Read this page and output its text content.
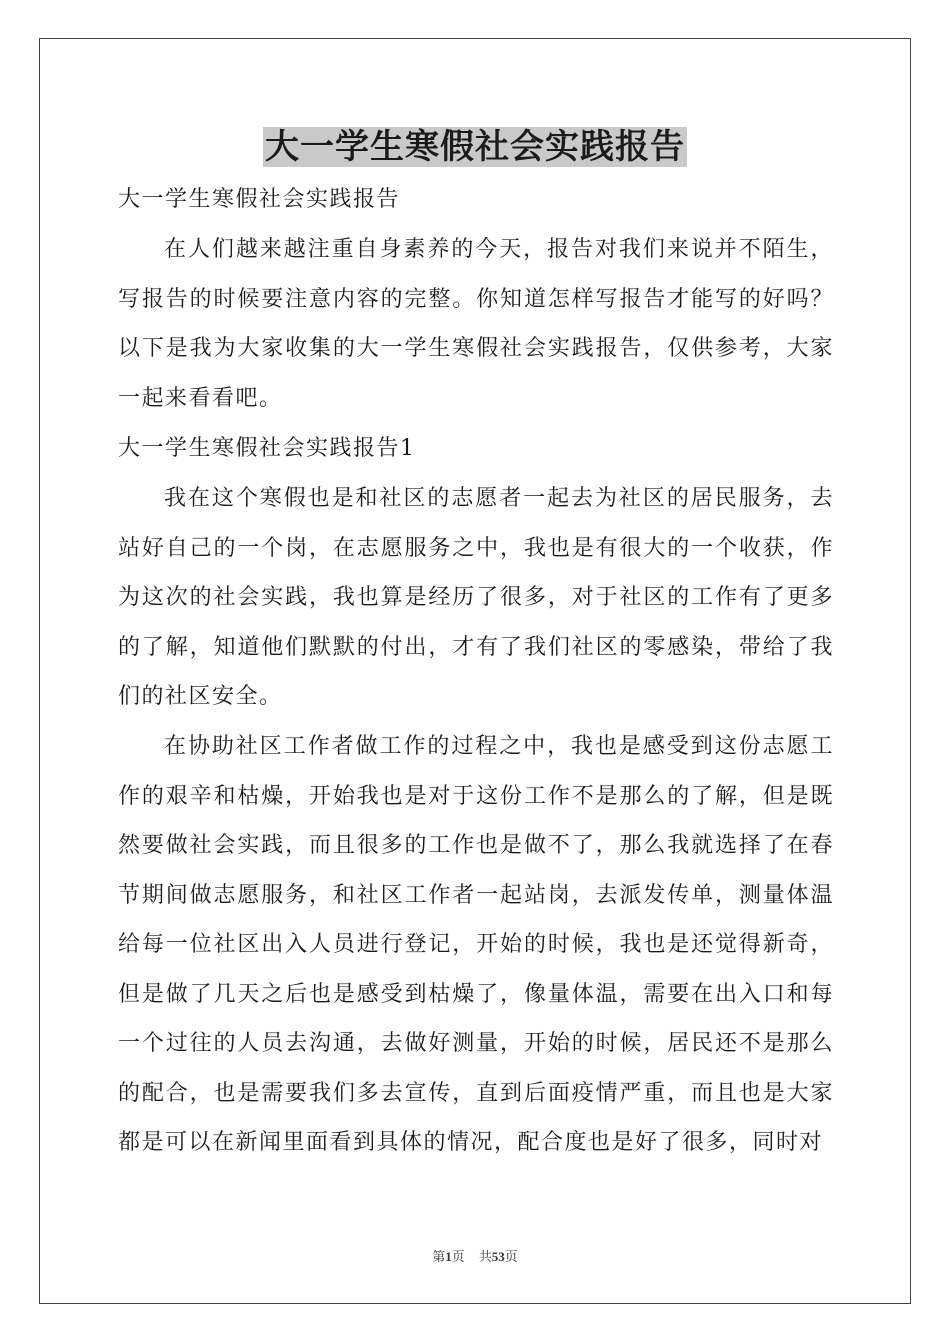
大一学生寒假社会实践报告

大一学生寒假社会实践报告

在人们越来越注重自身素养的今天，报告对我们来说并不陌生，写报告的时候要注意内容的完整。你知道怎样写报告才能写的好吗？以下是我为大家收集的大一学生寒假社会实践报告，仅供参考，大家一起来看看吧。

大一学生寒假社会实践报告1

我在这个寒假也是和社区的志愿者一起去为社区的居民服务，去站好自己的一个岗，在志愿服务之中，我也是有很大的一个收获，作为这次的社会实践，我也算是经历了很多，对于社区的工作有了更多的了解，知道他们默默的付出，才有了我们社区的零感染，带给了我们的社区安全。

在协助社区工作者做工作的过程之中，我也是感受到这份志愿工作的艰辛和枯燥，开始我也是对于这份工作不是那么的了解，但是既然要做社会实践，而且很多的工作也是做不了，那么我就选择了在春节期间做志愿服务，和社区工作者一起站岗，去派发传单，测量体温给每一位社区出入人员进行登记，开始的时候，我也是还觉得新奇，但是做了几天之后也是感受到枯燥了，像量体温，需要在出入口和每一个过往的人员去沟通，去做好测量，开始的时候，居民还不是那么的配合，也是需要我们多去宣传，直到后面疫情严重，而且也是大家都是可以在新闻里面看到具体的情况，配合度也是好了很多，同时对

第1页 共53页
